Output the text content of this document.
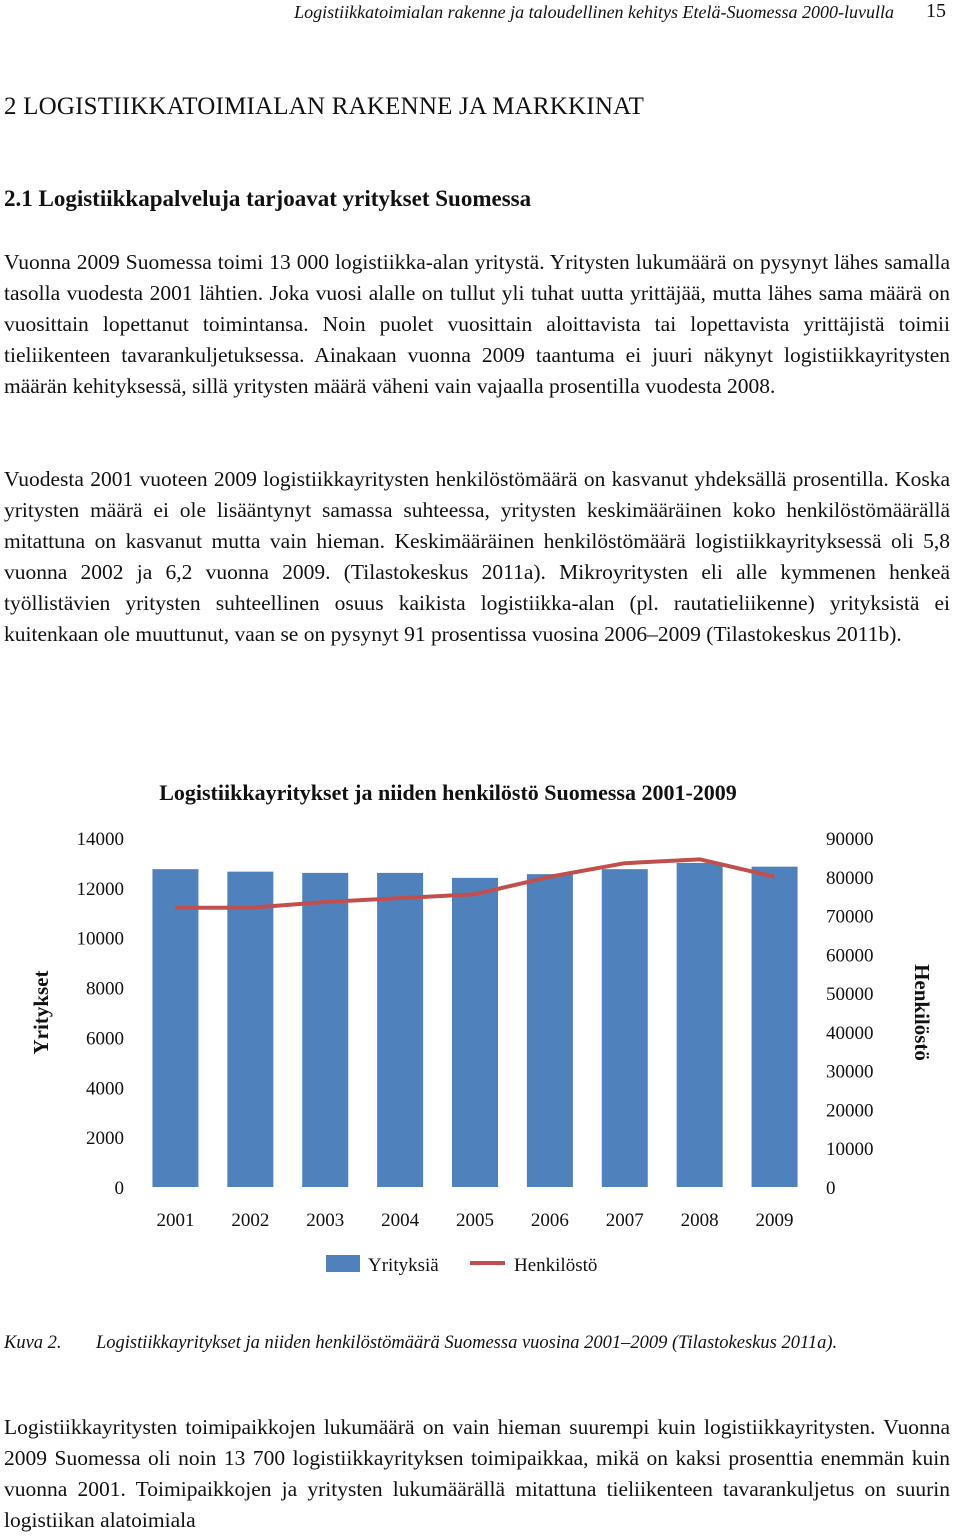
Logistiikkatoimialan rakenne ja taloudellinen kehitys Etelä-Suomessa 2000-luvulla 15
2 LOGISTIIKKATOIMIALAN RAKENNE JA MARKKINAT
2.1 Logistiikkapalveluja tarjoavat yritykset Suomessa

Vuonna 2009 Suomessa toimi 13 000 logistiikka-alan yritystä. Yritysten lukumäärä on pysynyt lähes samalla tasolla vuodesta 2001 lähtien. Joka vuosi alalle on tullut yli tuhat uutta yrittäjää, mutta lähes sama määrä on vuosittain lopettanut toimintansa. Noin puolet vuosittain aloittavista tai lopettavista yrittäjistä toimii tieliikenteen tavarankuljetuksessa. Ainakaan vuonna 2009 taantuma ei juuri näkynyt logistiikkayritysten määrän kehityksessä, sillä yritysten määrä väheni vain vajaalla prosentilla vuodesta 2008.

Vuodesta 2001 vuoteen 2009 logistiikkayritysten henkilöstömäärä on kasvanut yhdeksällä prosentilla. Koska yritysten määrä ei ole lisääntynyt samassa suhteessa, yritysten keskimääräinen koko henkilöstömäärällä mitattuna on kasvanut mutta vain hieman. Keskimääräinen henkilöstömäärä logistiikkayrityksessä oli 5,8 vuonna 2002 ja 6,2 vuonna 2009. (Tilastokeskus 2011a). Mikroyritysten eli alle kymmenen henkeä työllistävien yritysten suhteellinen osuus kaikista logistiikka-alan (pl. rautatieliikenne) yrityksistä ei kuitenkaan ole muuttunut, vaan se on pysynyt 91 prosentissa vuosina 2006–2009 (Tilastokeskus 2011b).

Logistiikkayritykset ja niiden henkilöstö Suomessa 2001-2009
0
2000
4000
6000
8000
10000
12000
14000
0
10000
20000
30000
40000
50000
60000
70000
80000
90000
Yritykset	Henkilöstö
2001 2002 2003 2004 2005 2006 2007 2008 2009
Yrityksiä	Henkilöstö
Kuva 2. Logistiikkayritykset ja niiden henkilöstömäärä Suomessa vuosina 2001–2009 (Tilastokeskus 2011a).

Logistiikkayritysten toimipaikkojen lukumäärä on vain hieman suurempi kuin logistiikkayritysten. Vuonna 2009 Suomessa oli noin 13 700 logistiikkayrityksen toimipaikkaa, mikä on kaksi prosenttia enemmän kuin vuonna 2001. Toimipaikkojen ja yritysten lukumäärällä mitattuna tieliikenteen tavarankuljetus on suurin logistiikan alatoimiala
